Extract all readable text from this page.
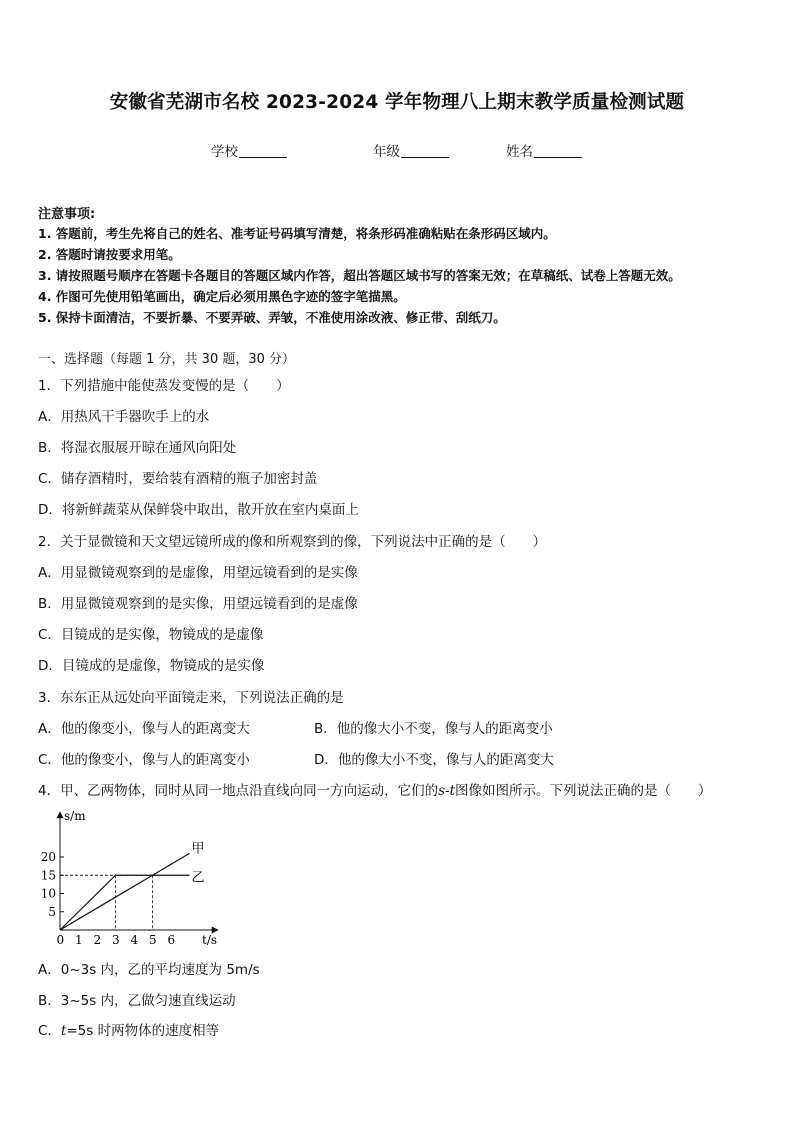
安徽省芜湖市名校 2023-2024 学年物理八上期末教学质量检测试题
学校	年级	姓名
注意事项:
1. 答题前，考生先将自己的姓名、准考证号码填写清楚，将条形码准确粘贴在条形码区域内。
2. 答题时请按要求用笔。
3. 请按照题号顺序在答题卡各题目的答题区域内作答，超出答题区域书写的答案无效；在草稿纸、试卷上答题无效。
4. 作图可先使用铅笔画出，确定后必须用黑色字迹的签字笔描黑。
5. 保持卡面清洁，不要折暴、不要弄破、弄皱，不准使用涂改液、修正带、刮纸刀。
一、选择题（每题 1 分，共 30 题，30 分）
1．下列措施中能使蒸发变慢的是（　　）
A．用热风干手器吹手上的水
B．将湿衣服展开晾在通风向阳处
C．储存酒精时，要给装有酒精的瓶子加密封盖
D．将新鲜蔬菜从保鲜袋中取出，散开放在室内桌面上
2．关于显微镜和天文望远镜所成的像和所观察到的像，下列说法中正确的是（　　）
A．用显微镜观察到的是虚像，用望远镜看到的是实像
B．用显微镜观察到的是实像，用望远镜看到的是虚像
C．目镜成的是实像，物镜成的是虚像
D．目镜成的是虚像，物镜成的是实像
3．东东正从远处向平面镜走来，下列说法正确的是
A．他的像变小，像与人的距离变大	B．他的像大小不变，像与人的距离变小
C．他的像变小，像与人的距离变小	D．他的像大小不变，像与人的距离变大
4．甲、乙两物体，同时从同一地点沿直线向同一方向运动，它们的s-t图像如图所示。下列说法正确的是（　　）
s/m
t/s
0 1 2 3 4 5 6
5
10
15
20
甲
乙
A．0~3s 内，乙的平均速度为 5m/s
B．3~5s 内，乙做匀速直线运动
C．t=5s 时两物体的速度相等
